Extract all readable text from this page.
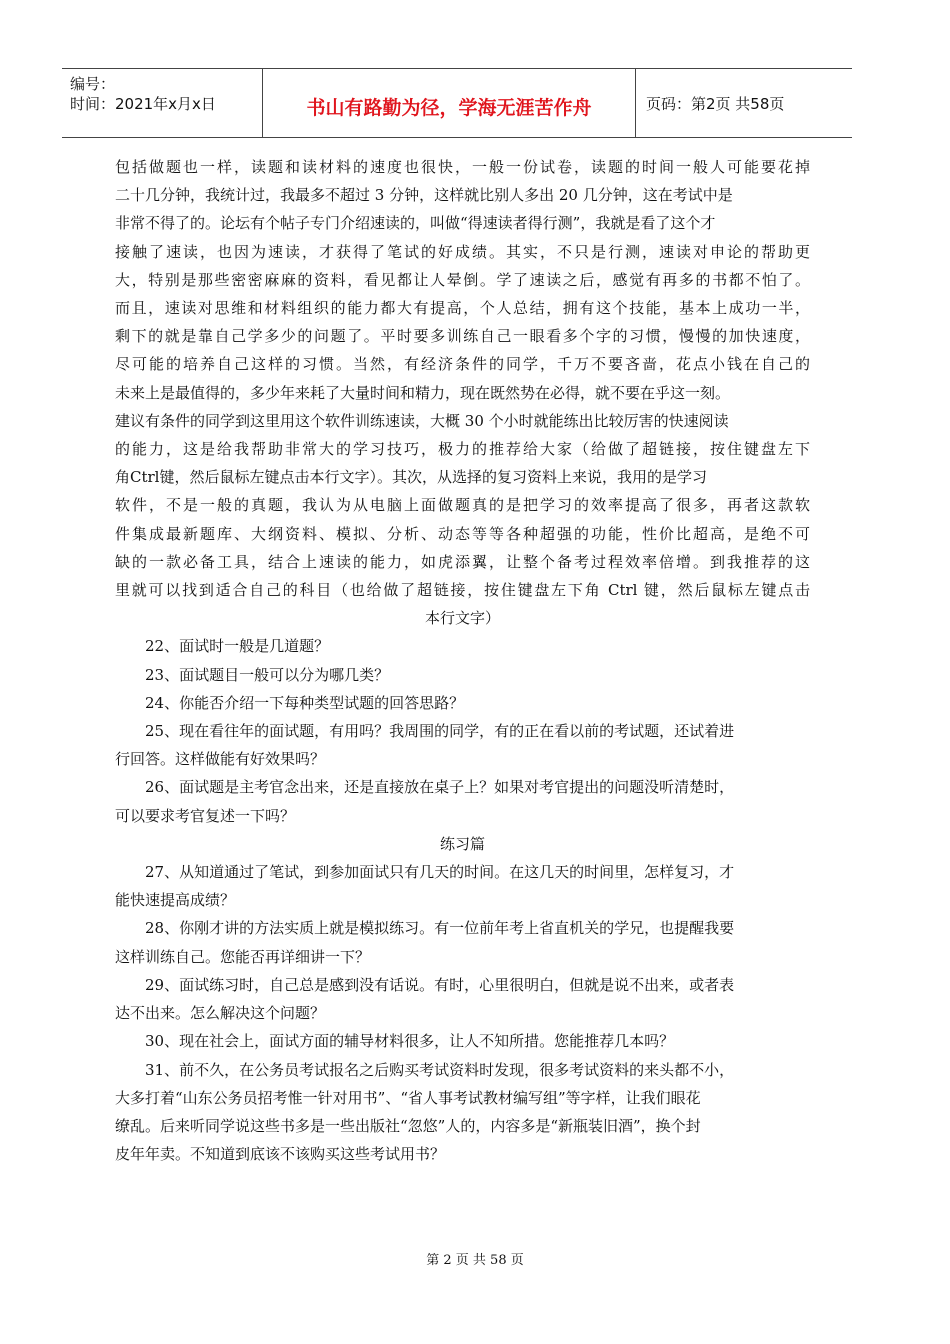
编号：
时间：2021年x月x日	书山有路勤为径，学海无涯苦作舟	页码：第2页 共58页
包括做题也一样，读题和读材料的速度也很快，一般一份试卷，读题的时间一般人可能要花掉
二十几分钟，我统计过，我最多不超过 3 分钟，这样就比别人多出 20 几分钟，这在考试中是
非常不得了的。论坛有个帖子专门介绍速读的，叫做“得速读者得行测”，我就是看了这个才
接触了速读，也因为速读，才获得了笔试的好成绩。其实，不只是行测，速读对申论的帮助更
大，特别是那些密密麻麻的资料，看见都让人晕倒。学了速读之后，感觉有再多的书都不怕了。
而且，速读对思维和材料组织的能力都大有提高，个人总结，拥有这个技能，基本上成功一半，
剩下的就是靠自己学多少的问题了。平时要多训练自己一眼看多个字的习惯，慢慢的加快速度，
尽可能的培养自己这样的习惯。当然，有经济条件的同学，千万不要吝啬，花点小钱在自己的
未来上是最值得的，多少年来耗了大量时间和精力，现在既然势在必得，就不要在乎这一刻。
建议有条件的同学到这里用这个软件训练速读，大概 30 个小时就能练出比较厉害的快速阅读
的能力，这是给我帮助非常大的学习技巧，极力的推荐给大家（给做了超链接，按住键盘左下
角Ctrl键，然后鼠标左键点击本行文字）。其次，从选择的复习资料上来说，我用的是学习
软件，不是一般的真题，我认为从电脑上面做题真的是把学习的效率提高了很多，再者这款软
件集成最新题库、大纲资料、模拟、分析、动态等等各种超强的功能，性价比超高，是绝不可
缺的一款必备工具，结合上速读的能力，如虎添翼，让整个备考过程效率倍增。到我推荐的这
里就可以找到适合自己的科目（也给做了超链接，按住键盘左下角 Ctrl 键，然后鼠标左键点击
本行文字）
22、面试时一般是几道题？
23、面试题目一般可以分为哪几类？
24、你能否介绍一下每种类型试题的回答思路？
25、现在看往年的面试题，有用吗？我周围的同学，有的正在看以前的考试题，还试着进
行回答。这样做能有好效果吗？
26、面试题是主考官念出来，还是直接放在桌子上？如果对考官提出的问题没听清楚时，
可以要求考官复述一下吗？
练习篇
27、从知道通过了笔试，到参加面试只有几天的时间。在这几天的时间里，怎样复习，才
能快速提高成绩？
28、你刚才讲的方法实质上就是模拟练习。有一位前年考上省直机关的学兄，也提醒我要
这样训练自己。您能否再详细讲一下？
29、面试练习时，自己总是感到没有话说。有时，心里很明白，但就是说不出来，或者表
达不出来。怎么解决这个问题？
30、现在社会上，面试方面的辅导材料很多，让人不知所措。您能推荐几本吗？
31、前不久，在公务员考试报名之后购买考试资料时发现，很多考试资料的来头都不小，
大多打着“山东公务员招考惟一针对用书”、“省人事考试教材编写组”等字样，让我们眼花
缭乱。后来听同学说这些书多是一些出版社“忽悠”人的，内容多是“新瓶装旧酒”，换个封
皮年年卖。不知道到底该不该购买这些考试用书？
第 2 页 共 58 页
